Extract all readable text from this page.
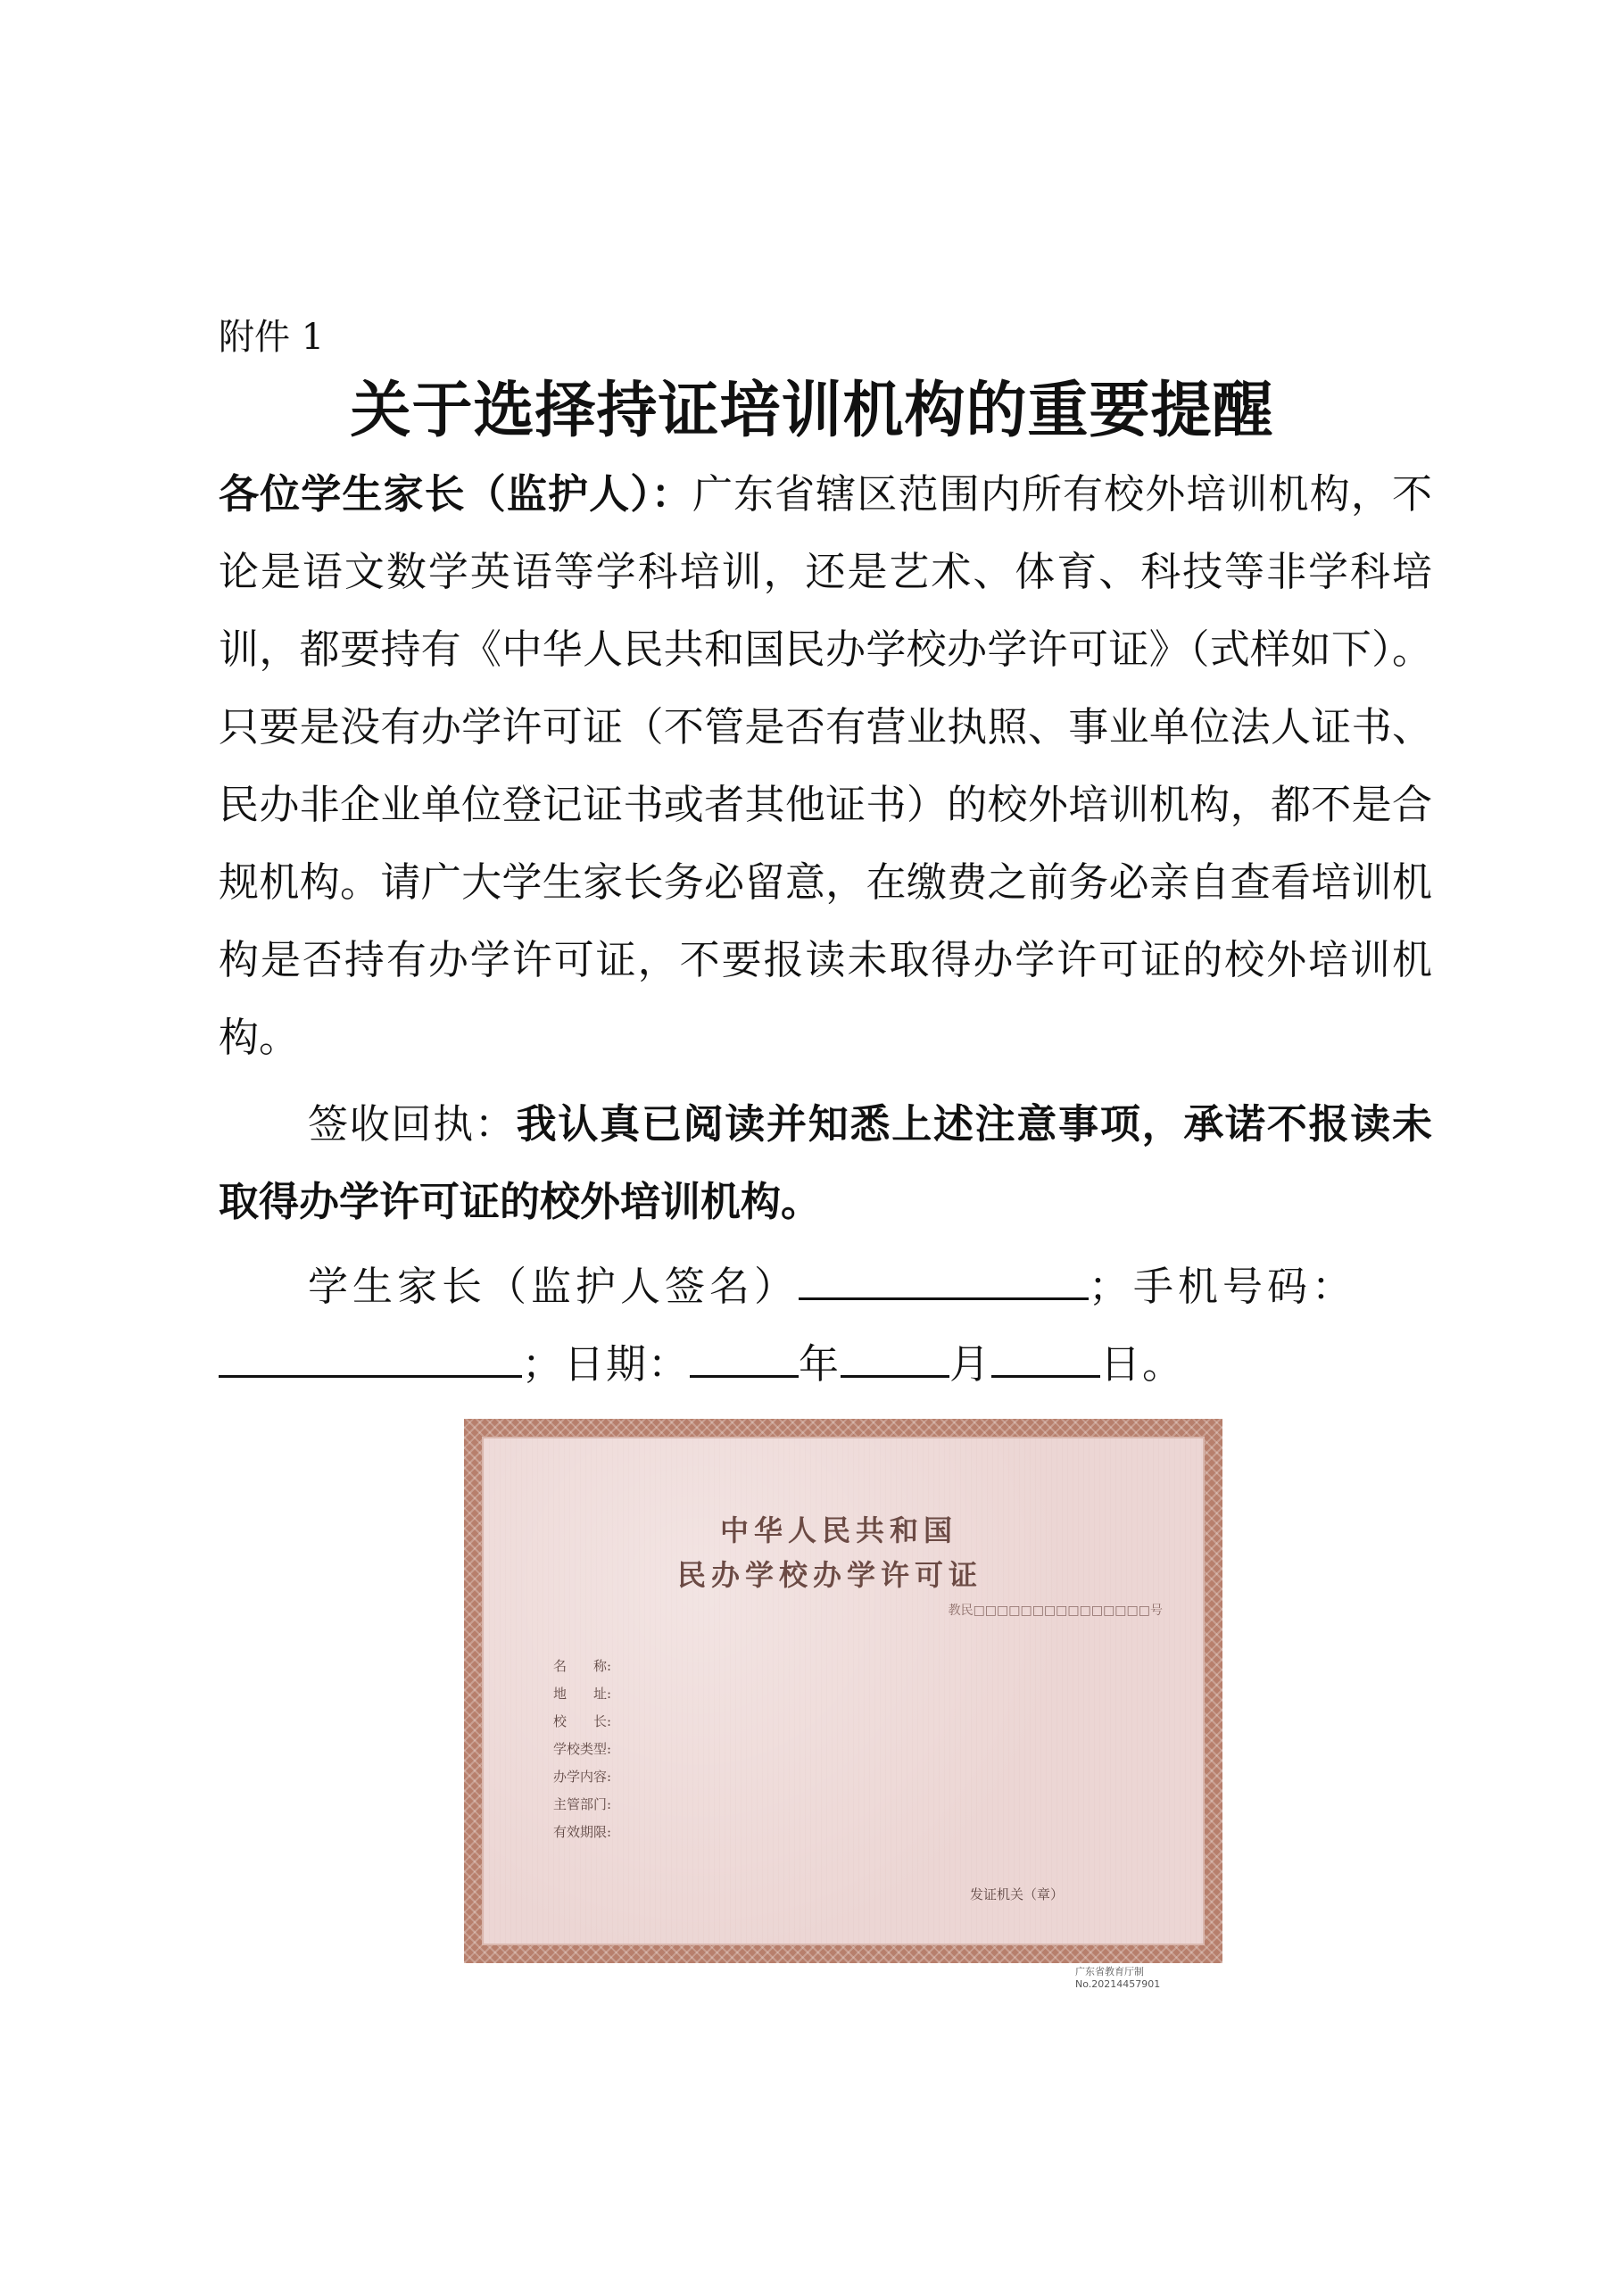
附件 1
关于选择持证培训机构的重要提醒

各位学生家长（监护人）：广东省辖区范围内所有校外培训机构，不论是语文数学英语等学科培训，还是艺术、体育、科技等非学科培训，都要持有《中华人民共和国民办学校办学许可证》（式样如下）。只要是没有办学许可证（不管是否有营业执照、事业单位法人证书、民办非企业单位登记证书或者其他证书）的校外培训机构，都不是合规机构。请广大学生家长务必留意，在缴费之前务必亲自查看培训机构是否持有办学许可证，不要报读未取得办学许可证的校外培训机构。

签收回执：我认真已阅读并知悉上述注意事项，承诺不报读未取得办学许可证的校外培训机构。

学生家长（监护人签名）	；手机号码：

；日期：	年	月	日。

中华人民共和国
民办学校办学许可证
教民□□□□□□□□□□□□□□□号
名　　称:
地　　址:
校　　长:
学校类型:
办学内容:
主管部门:
有效期限:
发证机关（章）
广东省教育厅制
No.20214457901
